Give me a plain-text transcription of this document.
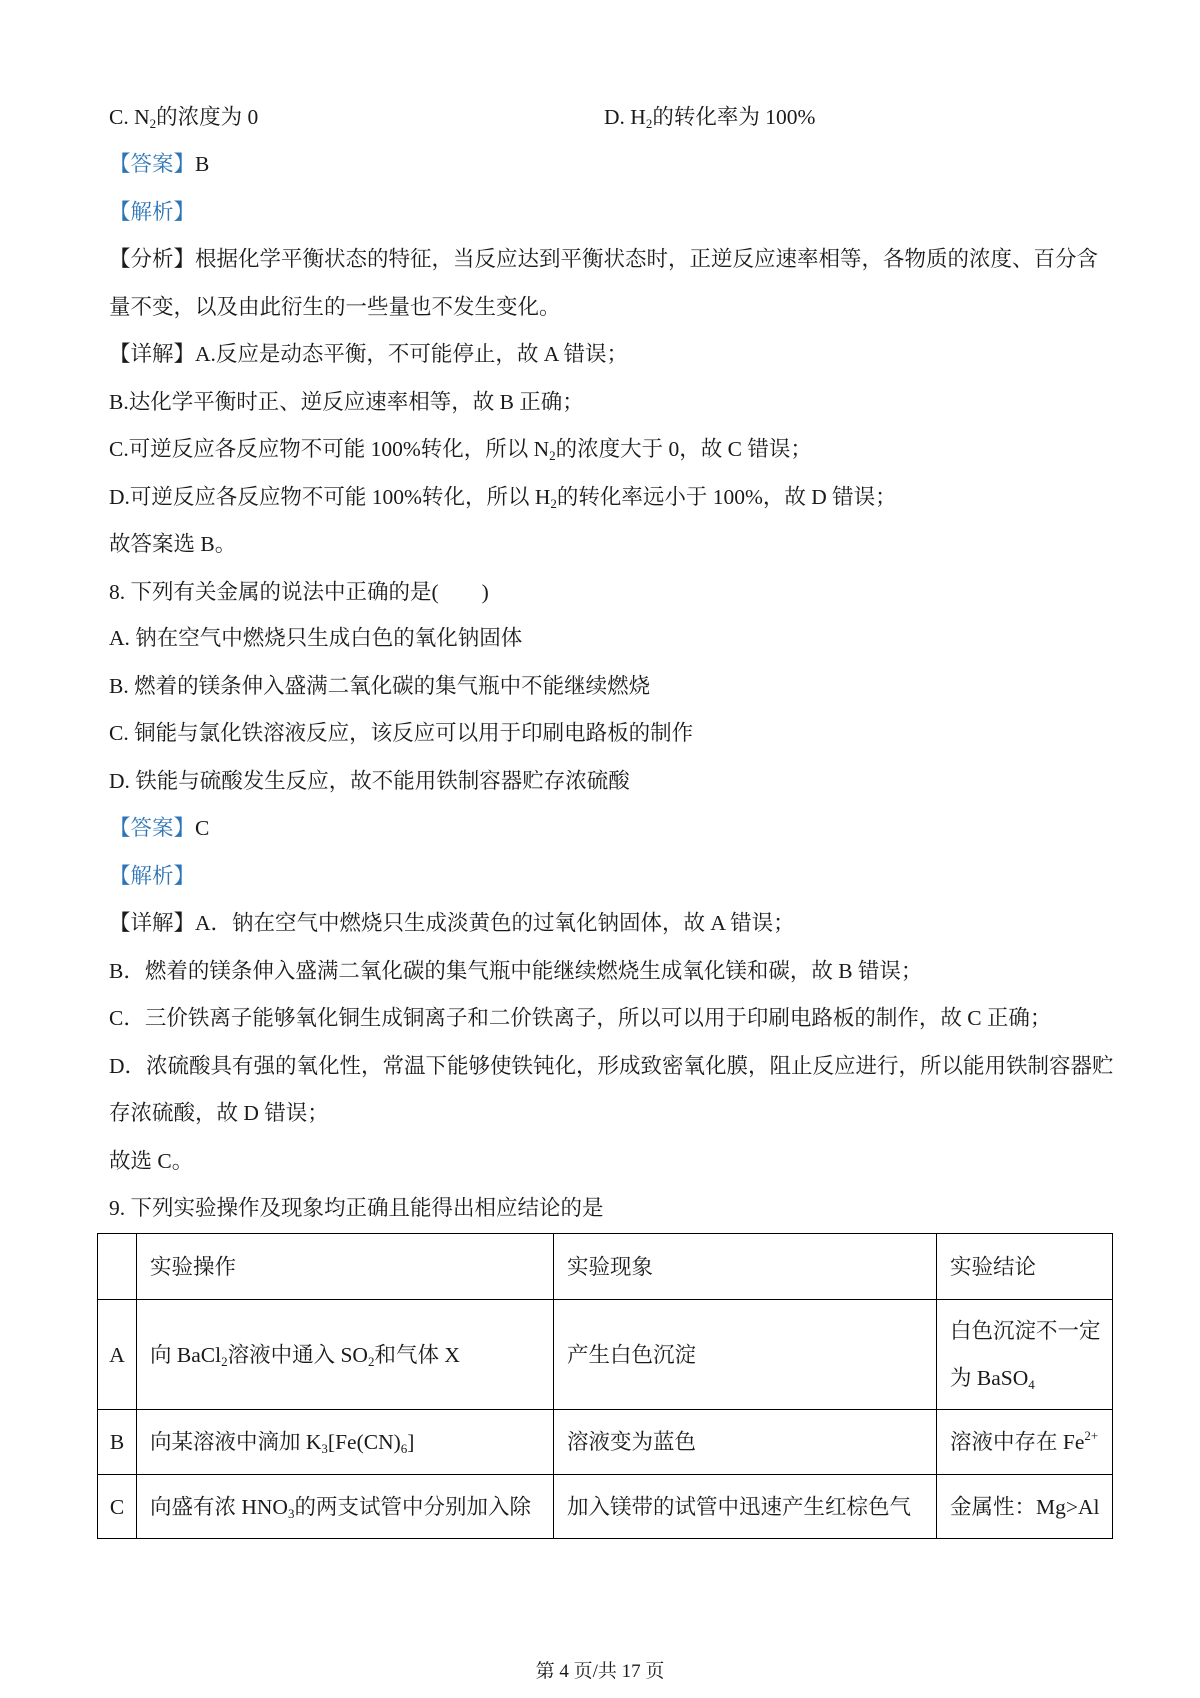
C. $N_2$的浓度为 0	D. $H_2$的转化率为 100%
【答案】B
【解析】
【分析】根据化学平衡状态的特征，当反应达到平衡状态时，正逆反应速率相等，各物质的浓度、百分含
量不变，以及由此衍生的一些量也不发生变化。
【详解】A.反应是动态平衡，不可能停止，故 A 错误；
B.达化学平衡时正、逆反应速率相等，故 B 正确；
C.可逆反应各反应物不可能 100%转化，所以 $N_2$的浓度大于 0，故 C 错误；
D.可逆反应各反应物不可能 100%转化，所以 $H_2$的转化率远小于 100%，故 D 错误；
故答案选 B。
8. 下列有关金属的说法中正确的是(　　)
A. 钠在空气中燃烧只生成白色的氧化钠固体
B. 燃着的镁条伸入盛满二氧化碳的集气瓶中不能继续燃烧
C. 铜能与氯化铁溶液反应，该反应可以用于印刷电路板的制作
D. 铁能与硫酸发生反应，故不能用铁制容器贮存浓硫酸
【答案】C
【解析】
【详解】A．钠在空气中燃烧只生成淡黄色的过氧化钠固体，故 A 错误；
B．燃着的镁条伸入盛满二氧化碳的集气瓶中能继续燃烧生成氧化镁和碳，故 B 错误；
C．三价铁离子能够氧化铜生成铜离子和二价铁离子，所以可以用于印刷电路板的制作，故 C 正确；
D．浓硫酸具有强的氧化性，常温下能够使铁钝化，形成致密氧化膜，阻止反应进行，所以能用铁制容器贮
存浓硫酸，故 D 错误；
故选 C。
9. 下列实验操作及现象均正确且能得出相应结论的是
	实验操作	实验现象	实验结论
A	向 BaCl$_2$溶液中通入 $SO_2$和气体 X	产生白色沉淀	白色沉淀不一定
为 BaSO$_4$

B	向某溶液中滴加 $K_3[Fe(CN)_6]$	溶液变为蓝色	溶液中存在 $Fe^{2+}$
C	向盛有浓 $HNO_3$的两支试管中分别加入除	加入镁带的试管中迅速产生红棕色气	金属性：Mg>Al
第 4 页/共 17 页
